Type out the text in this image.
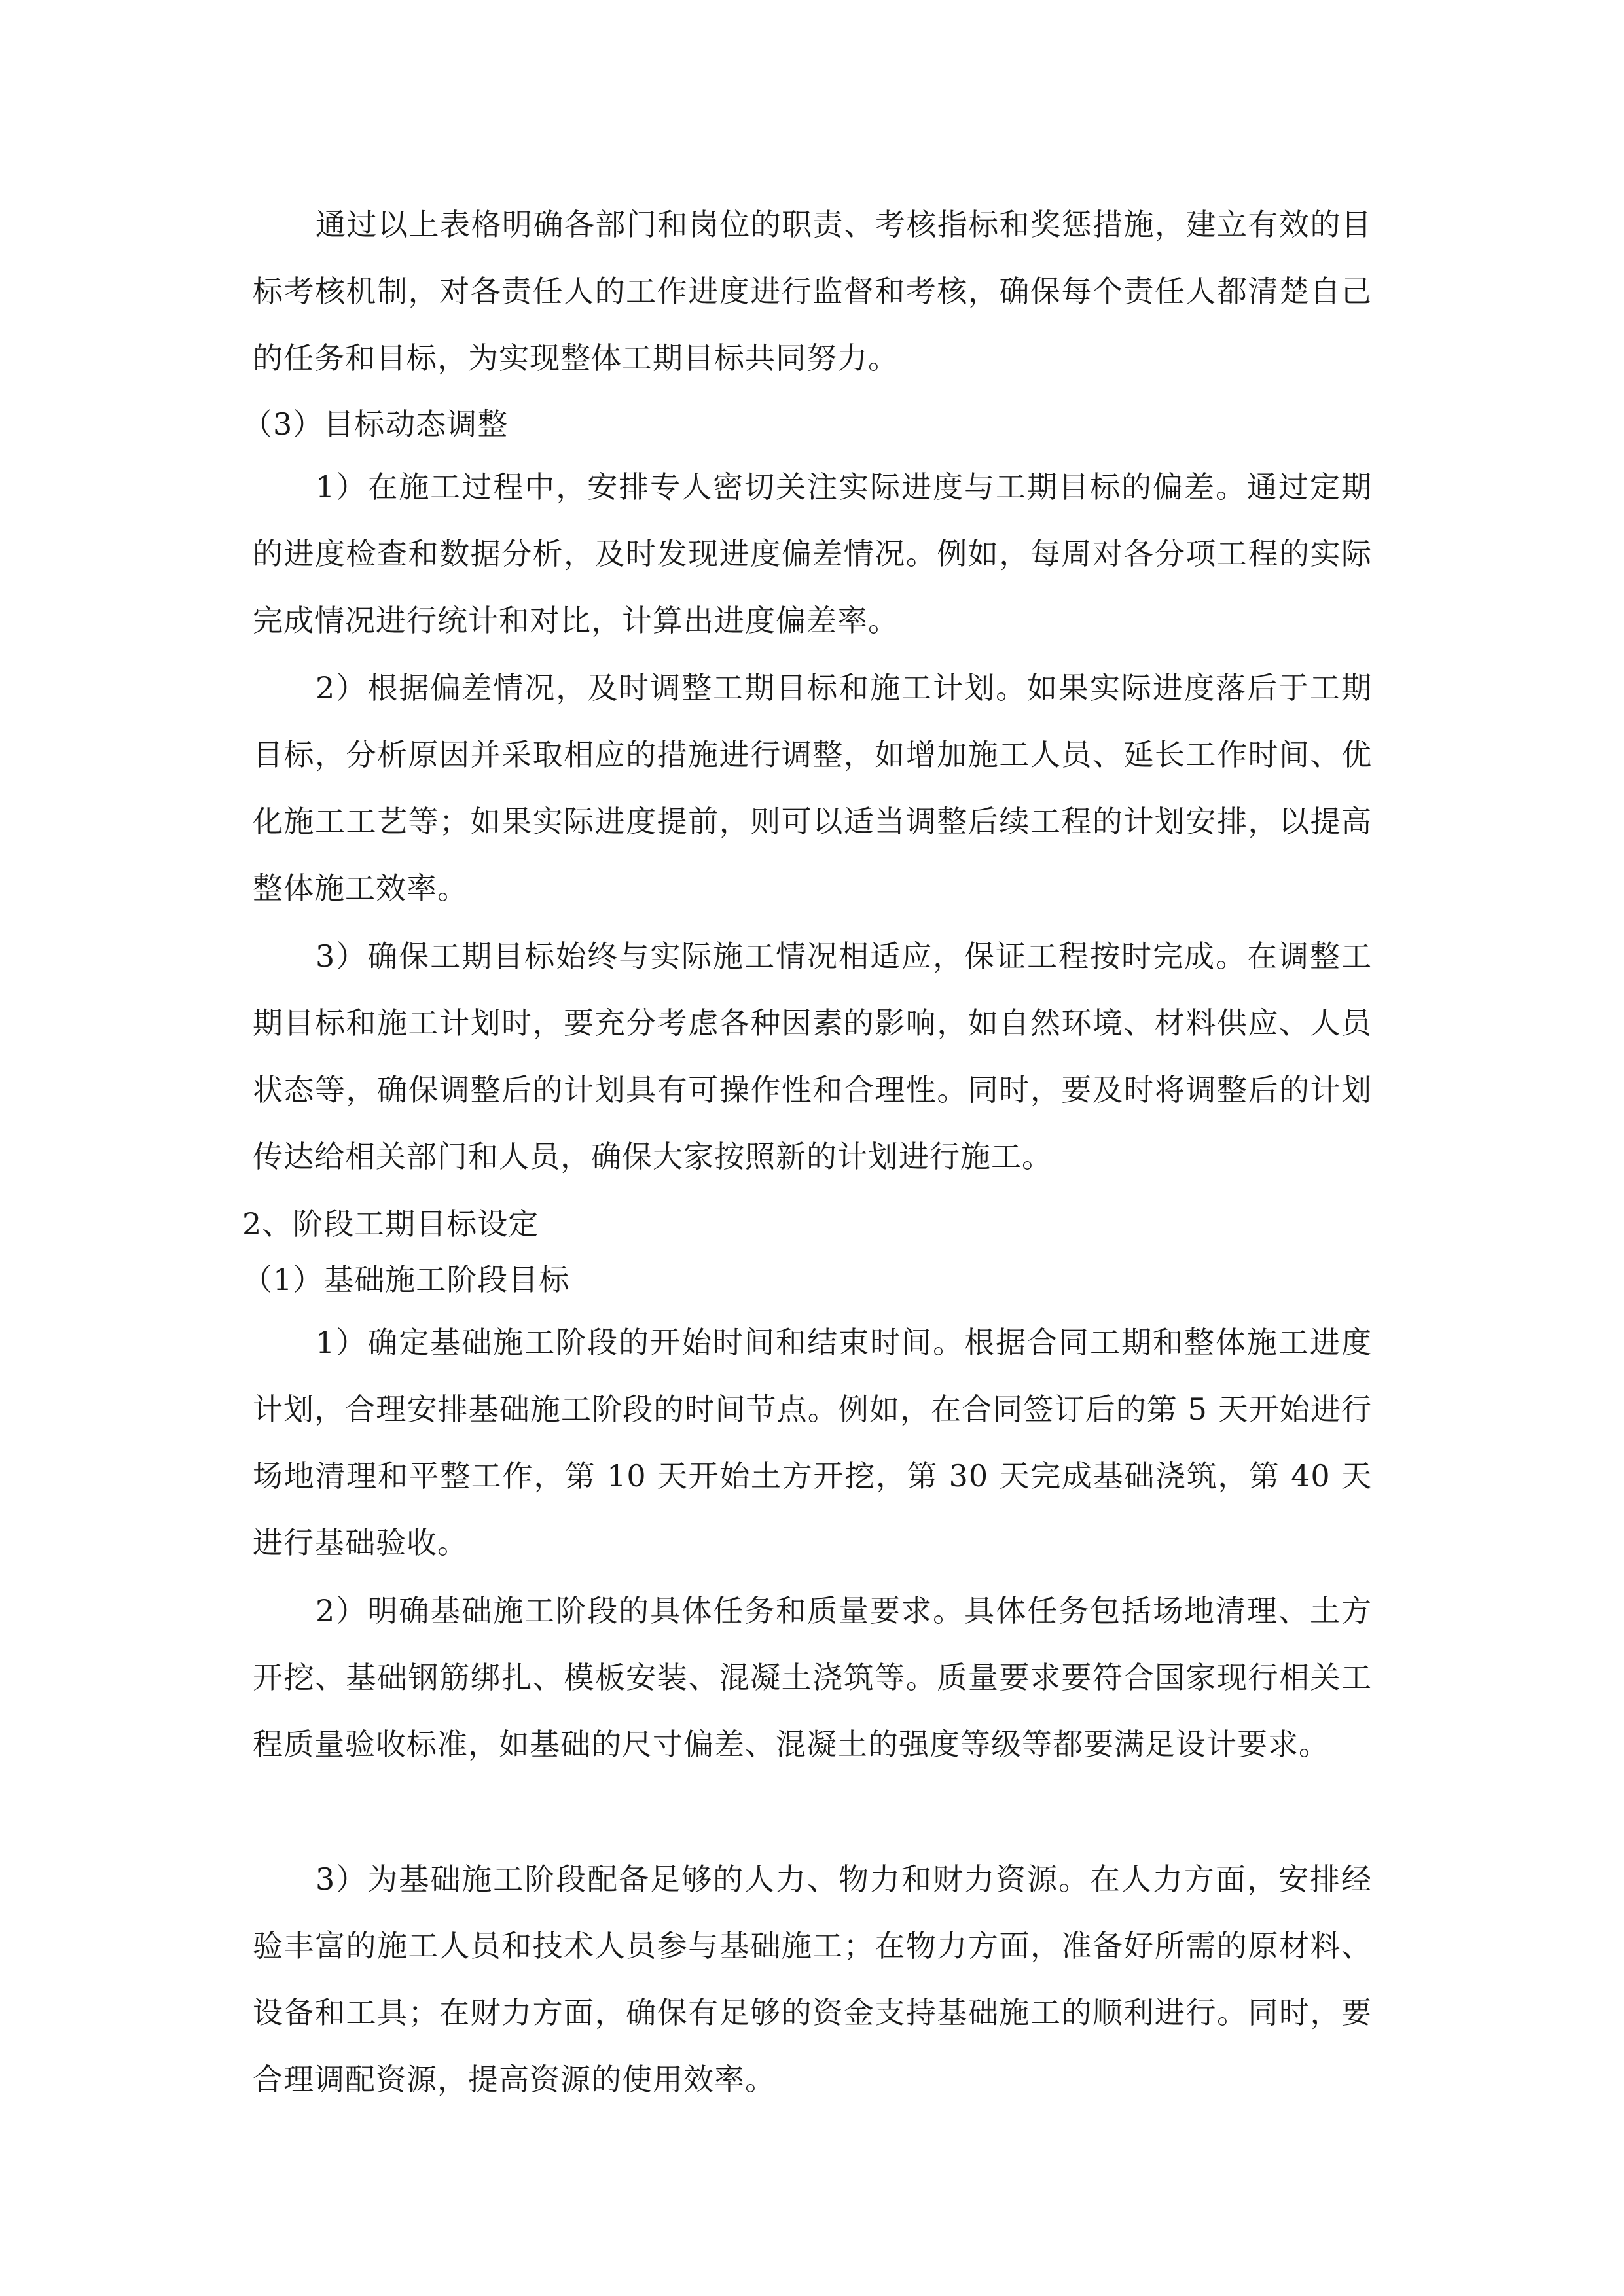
通过以上表格明确各部门和岗位的职责、考核指标和奖惩措施，建立有效的目标考核机制，对各责任人的工作进度进行监督和考核，确保每个责任人都清楚自己的任务和目标，为实现整体工期目标共同努力。

（3）目标动态调整

1）在施工过程中，安排专人密切关注实际进度与工期目标的偏差。通过定期的进度检查和数据分析，及时发现进度偏差情况。例如，每周对各分项工程的实际完成情况进行统计和对比，计算出进度偏差率。

2）根据偏差情况，及时调整工期目标和施工计划。如果实际进度落后于工期目标，分析原因并采取相应的措施进行调整，如增加施工人员、延长工作时间、优化施工工艺等；如果实际进度提前，则可以适当调整后续工程的计划安排，以提高整体施工效率。

3）确保工期目标始终与实际施工情况相适应，保证工程按时完成。在调整工期目标和施工计划时，要充分考虑各种因素的影响，如自然环境、材料供应、人员状态等，确保调整后的计划具有可操作性和合理性。同时，要及时将调整后的计划传达给相关部门和人员，确保大家按照新的计划进行施工。

2、阶段工期目标设定

（1）基础施工阶段目标

1）确定基础施工阶段的开始时间和结束时间。根据合同工期和整体施工进度计划，合理安排基础施工阶段的时间节点。例如，在合同签订后的第 5 天开始进行场地清理和平整工作，第 10 天开始土方开挖，第 30 天完成基础浇筑，第 40 天进行基础验收。

2）明确基础施工阶段的具体任务和质量要求。具体任务包括场地清理、土方开挖、基础钢筋绑扎、模板安装、混凝土浇筑等。质量要求要符合国家现行相关工程质量验收标准，如基础的尺寸偏差、混凝土的强度等级等都要满足设计要求。

3）为基础施工阶段配备足够的人力、物力和财力资源。在人力方面，安排经验丰富的施工人员和技术人员参与基础施工；在物力方面，准备好所需的原材料、设备和工具；在财力方面，确保有足够的资金支持基础施工的顺利进行。同时，要合理调配资源，提高资源的使用效率。
